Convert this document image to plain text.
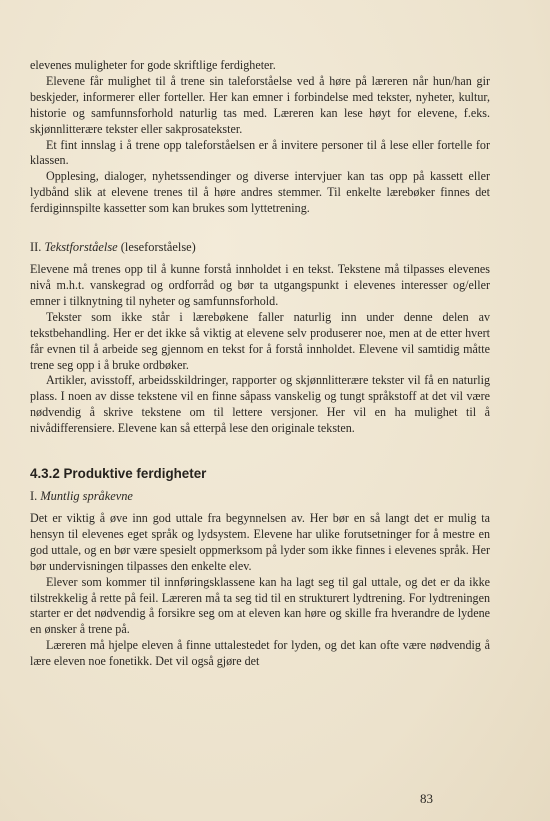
elevenes muligheter for gode skriftlige ferdigheter.

Elevene får mulighet til å trene sin taleforståelse ved å høre på læreren når hun/han gir beskjeder, informerer eller forteller. Her kan emner i forbindelse med tekster, nyheter, kultur, historie og samfunnsforhold naturlig tas med. Læreren kan lese høyt for elevene, f.eks. skjønnlitterære tekster eller sakprosatekster.

Et fint innslag i å trene opp taleforståelsen er å invitere personer til å lese eller fortelle for klassen.

Opplesing, dialoger, nyhetssendinger og diverse intervjuer kan tas opp på kassett eller lydbånd slik at elevene trenes til å høre andres stemmer. Til enkelte lærebøker finnes det ferdiginnspilte kassetter som kan brukes som lyttetrening.

II. Tekstforståelse (leseforståelse)

Elevene må trenes opp til å kunne forstå innholdet i en tekst. Tekstene må tilpasses elevenes nivå m.h.t. vanskegrad og ordforråd og bør ta utgangspunkt i elevenes interesser og/eller emner i tilknytning til nyheter og samfunnsforhold.

Tekster som ikke står i lærebøkene faller naturlig inn under denne delen av tekstbehandling. Her er det ikke så viktig at elevene selv produserer noe, men at de etter hvert får evnen til å arbeide seg gjennom en tekst for å forstå innholdet. Elevene vil samtidig måtte trene seg opp i å bruke ordbøker.

Artikler, avisstoff, arbeidsskildringer, rapporter og skjønnlitterære tekster vil få en naturlig plass. I noen av disse tekstene vil en finne såpass vanskelig og tungt språkstoff at det vil være nødvendig å skrive tekstene om til lettere versjoner. Her vil en ha mulighet til å nivådifferensiere. Elevene kan så etterpå lese den originale teksten.

4.3.2 Produktive ferdigheter

I. Muntlig språkevne

Det er viktig å øve inn god uttale fra begynnelsen av. Her bør en så langt det er mulig ta hensyn til elevenes eget språk og lydsystem. Elevene har ulike forutsetninger for å mestre en god uttale, og en bør være spesielt oppmerksom på lyder som ikke finnes i elevenes språk. Her bør undervisningen tilpasses den enkelte elev.

Elever som kommer til innføringsklassene kan ha lagt seg til gal uttale, og det er da ikke tilstrekkelig å rette på feil. Læreren må ta seg tid til en strukturert lydtrening. For lydtreningen starter er det nødvendig å forsikre seg om at eleven kan høre og skille fra hverandre de lydene en ønsker å trene på.

Læreren må hjelpe eleven å finne uttalestedet for lyden, og det kan ofte være nødvendig å lære eleven noe fonetikk. Det vil også gjøre det

83
